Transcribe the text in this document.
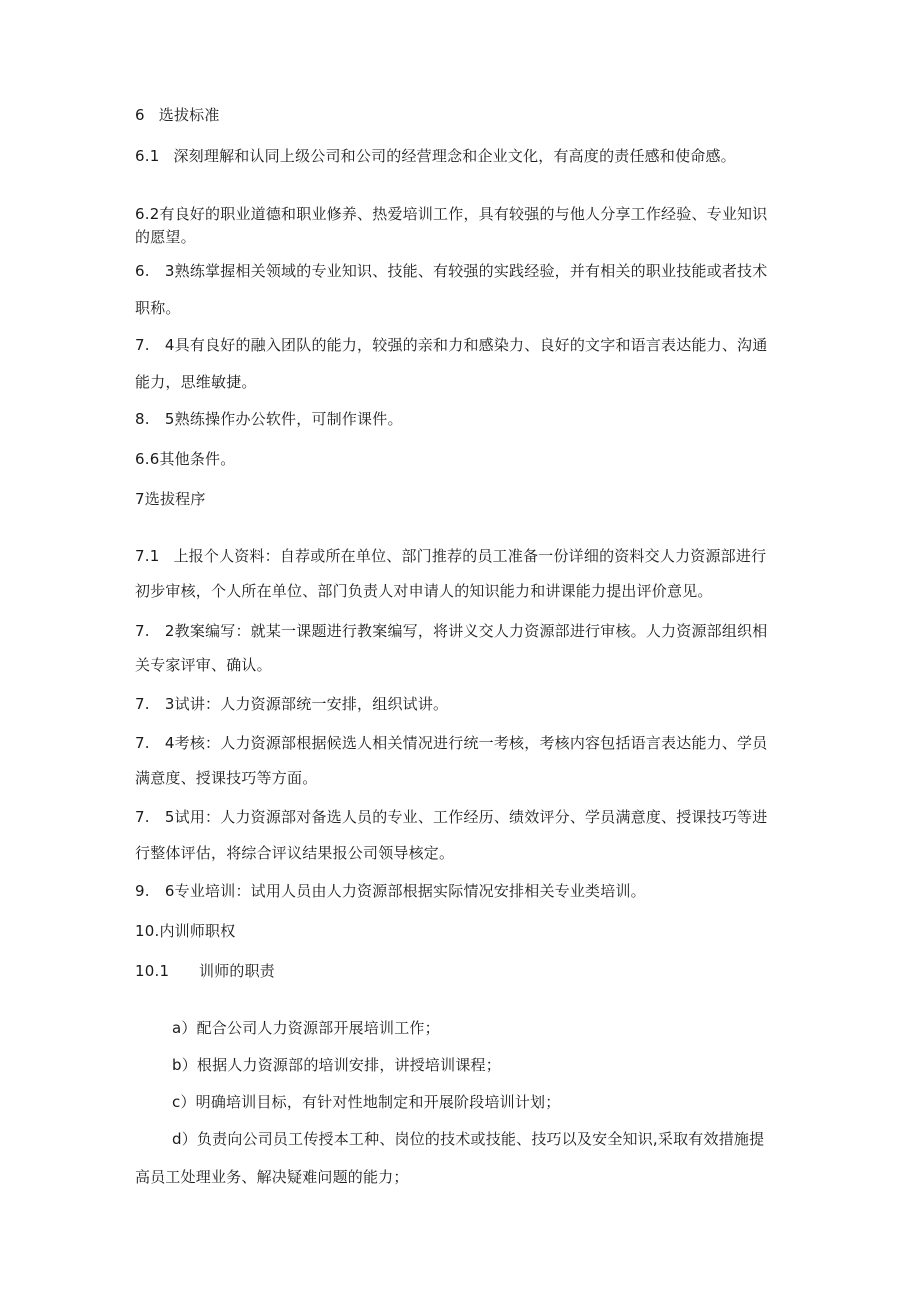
6 选拔标准
6.1 深刻理解和认同上级公司和公司的经营理念和企业文化，有高度的责任感和使命感。
6.2有良好的职业道德和职业修养、热爱培训工作，具有较强的与他人分享工作经验、专业知识
的愿望。
6.　3熟练掌握相关领域的专业知识、技能、有较强的实践经验，并有相关的职业技能或者技术
职称。
7.　4具有良好的融入团队的能力，较强的亲和力和感染力、良好的文字和语言表达能力、沟通
能力，思维敏捷。
8.　5熟练操作办公软件，可制作课件。
6.6其他条件。
7选拔程序
7.1 上报个人资料：自荐或所在单位、部门推荐的员工准备一份详细的资料交人力资源部进行
初步审核，个人所在单位、部门负责人对申请人的知识能力和讲课能力提出评价意见。
7.　2教案编写：就某一课题进行教案编写，将讲义交人力资源部进行审核。人力资源部组织相
关专家评审、确认。
7.　3试讲：人力资源部统一安排，组织试讲。
7.　4考核：人力资源部根据候选人相关情况进行统一考核，考核内容包括语言表达能力、学员
满意度、授课技巧等方面。
7.　5试用：人力资源部对备选人员的专业、工作经历、绩效评分、学员满意度、授课技巧等进
行整体评估，将综合评议结果报公司领导核定。
9.　6专业培训：试用人员由人力资源部根据实际情况安排相关专业类培训。
10.内训师职权
10.1 训师的职责
a）配合公司人力资源部开展培训工作；
b）根据人力资源部的培训安排，讲授培训课程；
c）明确培训目标，有针对性地制定和开展阶段培训计划；
d）负责向公司员工传授本工种、岗位的技术或技能、技巧以及安全知识,采取有效措施提
高员工处理业务、解决疑难问题的能力；
